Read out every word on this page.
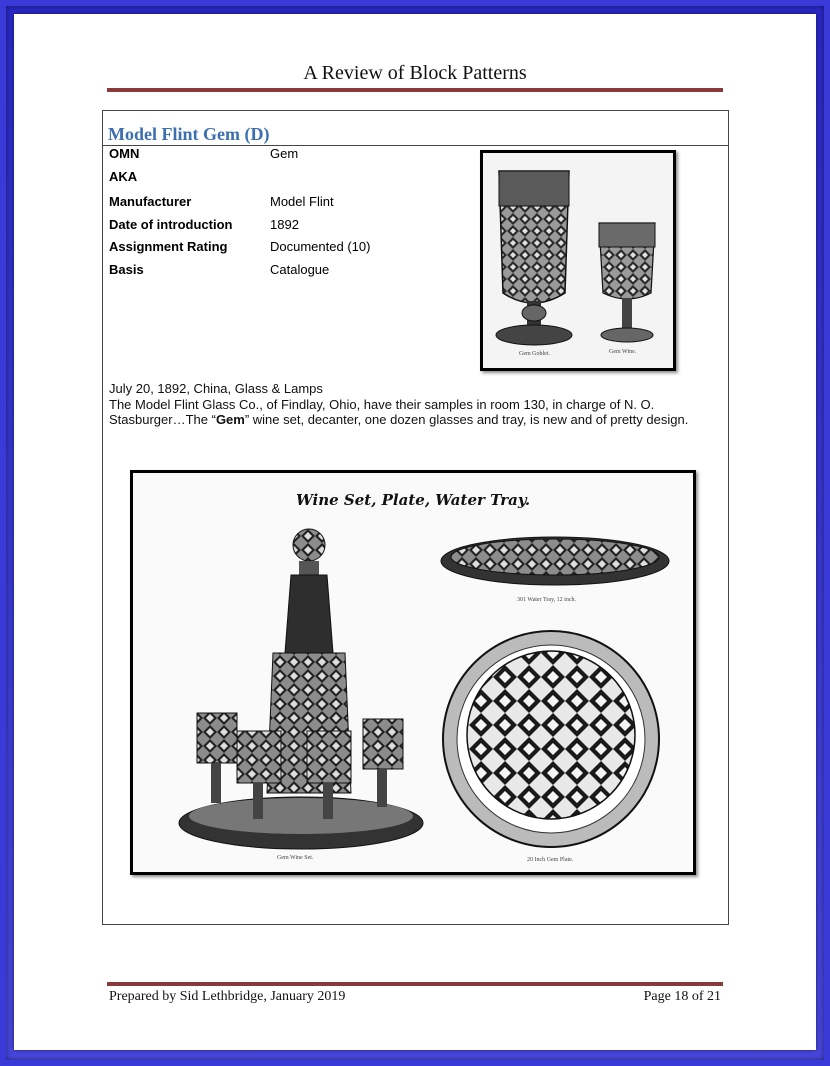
A Review of Block Patterns
Model Flint Gem (D)
OMN	Gem
AKA
Manufacturer	Model Flint
Date of introduction	1892
Assignment Rating	Documented (10)
Basis	Catalogue
Gem Goblet.	Gem Wine.
July 20, 1892, China, Glass & Lamps
The Model Flint Glass Co., of Findlay, Ohio, have their samples in room 130, in charge of N. O. Stasburger…The “Gem” wine set, decanter, one dozen glasses and tray, is new and of pretty design.
Wine Set, Plate, Water Tray.
301 Water Tray, 12 inch.
Gem Wine Set.	20 Inch Gem Plate.
Prepared by Sid Lethbridge, January 2019	Page 18 of 21
